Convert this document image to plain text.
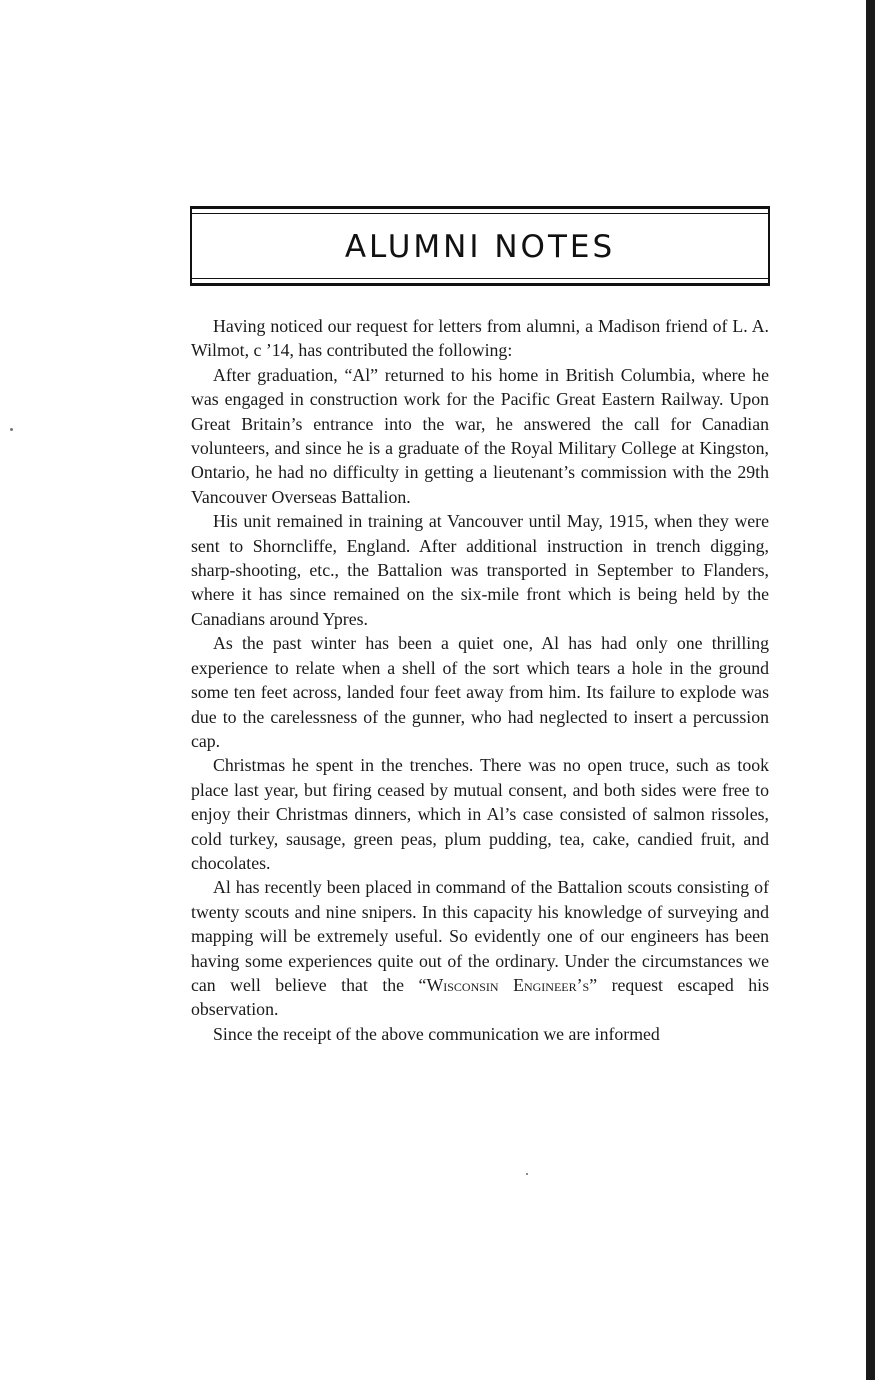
ALUMNI NOTES

Having noticed our request for letters from alumni, a Madison friend of L. A. Wilmot, c ’14, has contributed the following:

After graduation, “Al” returned to his home in British Columbia, where he was engaged in construction work for the Pacific Great Eastern Railway. Upon Great Britain’s entrance into the war, he answered the call for Canadian volunteers, and since he is a graduate of the Royal Military College at Kingston, Ontario, he had no difficulty in getting a lieutenant’s commission with the 29th Vancouver Overseas Battalion.

His unit remained in training at Vancouver until May, 1915, when they were sent to Shorncliffe, England. After additional instruction in trench digging, sharp-shooting, etc., the Battalion was transported in September to Flanders, where it has since remained on the six-mile front which is being held by the Canadians around Ypres.

As the past winter has been a quiet one, Al has had only one thrilling experience to relate when a shell of the sort which tears a hole in the ground some ten feet across, landed four feet away from him. Its failure to explode was due to the carelessness of the gunner, who had neglected to insert a percussion cap.

Christmas he spent in the trenches. There was no open truce, such as took place last year, but firing ceased by mutual consent, and both sides were free to enjoy their Christmas dinners, which in Al’s case consisted of salmon rissoles, cold turkey, sausage, green peas, plum pudding, tea, cake, candied fruit, and chocolates.

Al has recently been placed in command of the Battalion scouts consisting of twenty scouts and nine snipers. In this capacity his knowledge of surveying and mapping will be extremely useful. So evidently one of our engineers has been having some experiences quite out of the ordinary. Under the circumstances we can well believe that the “Wisconsin Engineer’s” request escaped his observation.

Since the receipt of the above communication we are informed
